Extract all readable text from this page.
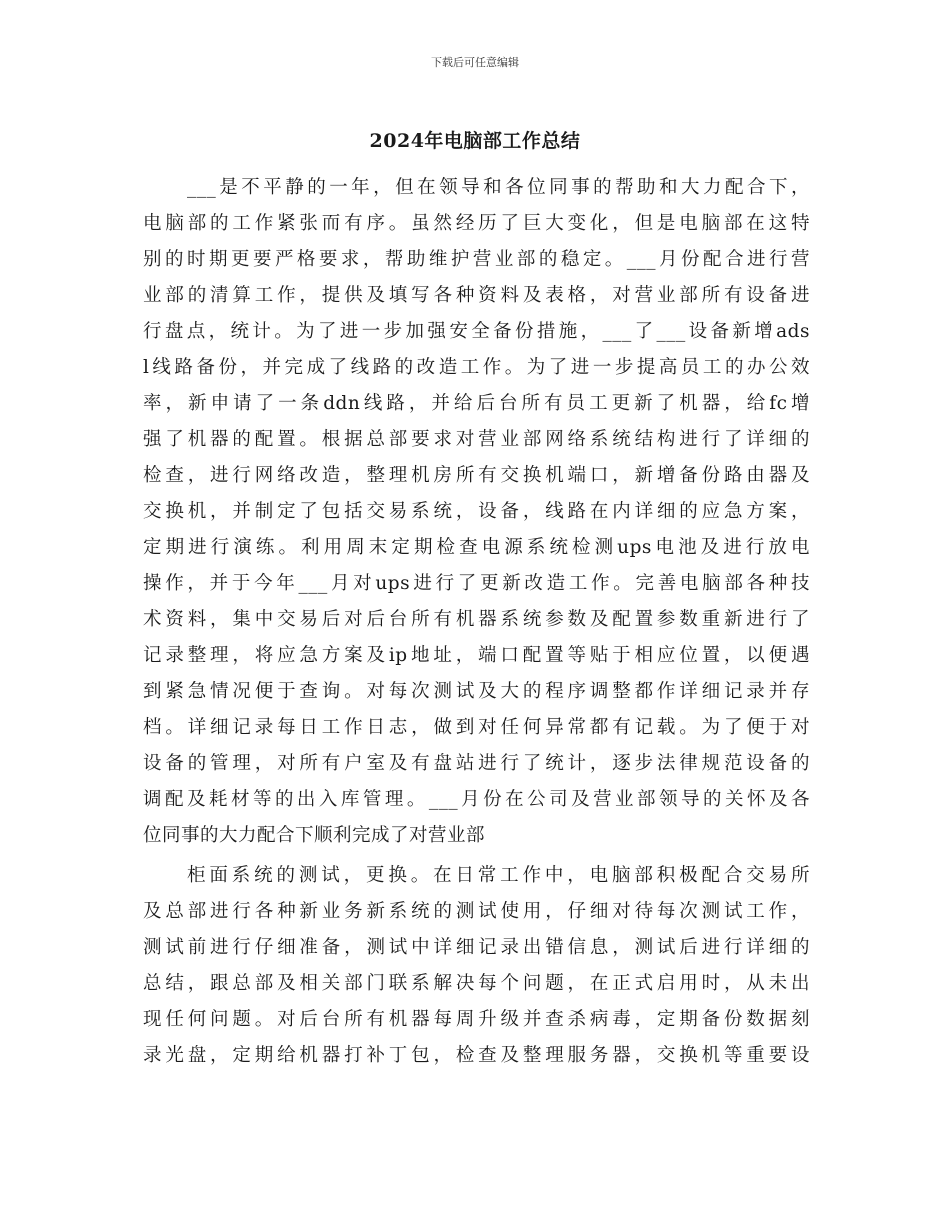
下载后可任意编辑
2024年电脑部工作总结
___是不平静的一年，但在领导和各位同事的帮助和大力配合下，
电脑部的工作紧张而有序。虽然经历了巨大变化，但是电脑部在这特
别的时期更要严格要求，帮助维护营业部的稳定。___月份配合进行营
业部的清算工作，提供及填写各种资料及表格，对营业部所有设备进
行盘点，统计。为了进一步加强安全备份措施，___了___设备新增ads
l线路备份，并完成了线路的改造工作。为了进一步提高员工的办公效
率，新申请了一条ddn线路，并给后台所有员工更新了机器，给fc增
强了机器的配置。根据总部要求对营业部网络系统结构进行了详细的
检查，进行网络改造，整理机房所有交换机端口，新增备份路由器及
交换机，并制定了包括交易系统，设备，线路在内详细的应急方案，
定期进行演练。利用周末定期检查电源系统检测ups电池及进行放电
操作，并于今年___月对ups进行了更新改造工作。完善电脑部各种技
术资料，集中交易后对后台所有机器系统参数及配置参数重新进行了
记录整理，将应急方案及ip地址，端口配置等贴于相应位置，以便遇
到紧急情况便于查询。对每次测试及大的程序调整都作详细记录并存
档。详细记录每日工作日志，做到对任何异常都有记载。为了便于对
设备的管理，对所有户室及有盘站进行了统计，逐步法律规范设备的
调配及耗材等的出入库管理。___月份在公司及营业部领导的关怀及各
位同事的大力配合下顺利完成了对营业部
柜面系统的测试，更换。在日常工作中，电脑部积极配合交易所
及总部进行各种新业务新系统的测试使用，仔细对待每次测试工作，
测试前进行仔细准备，测试中详细记录出错信息，测试后进行详细的
总结，跟总部及相关部门联系解决每个问题，在正式启用时，从未出
现任何问题。对后台所有机器每周升级并查杀病毒，定期备份数据刻
录光盘，定期给机器打补丁包，检查及整理服务器，交换机等重要设
